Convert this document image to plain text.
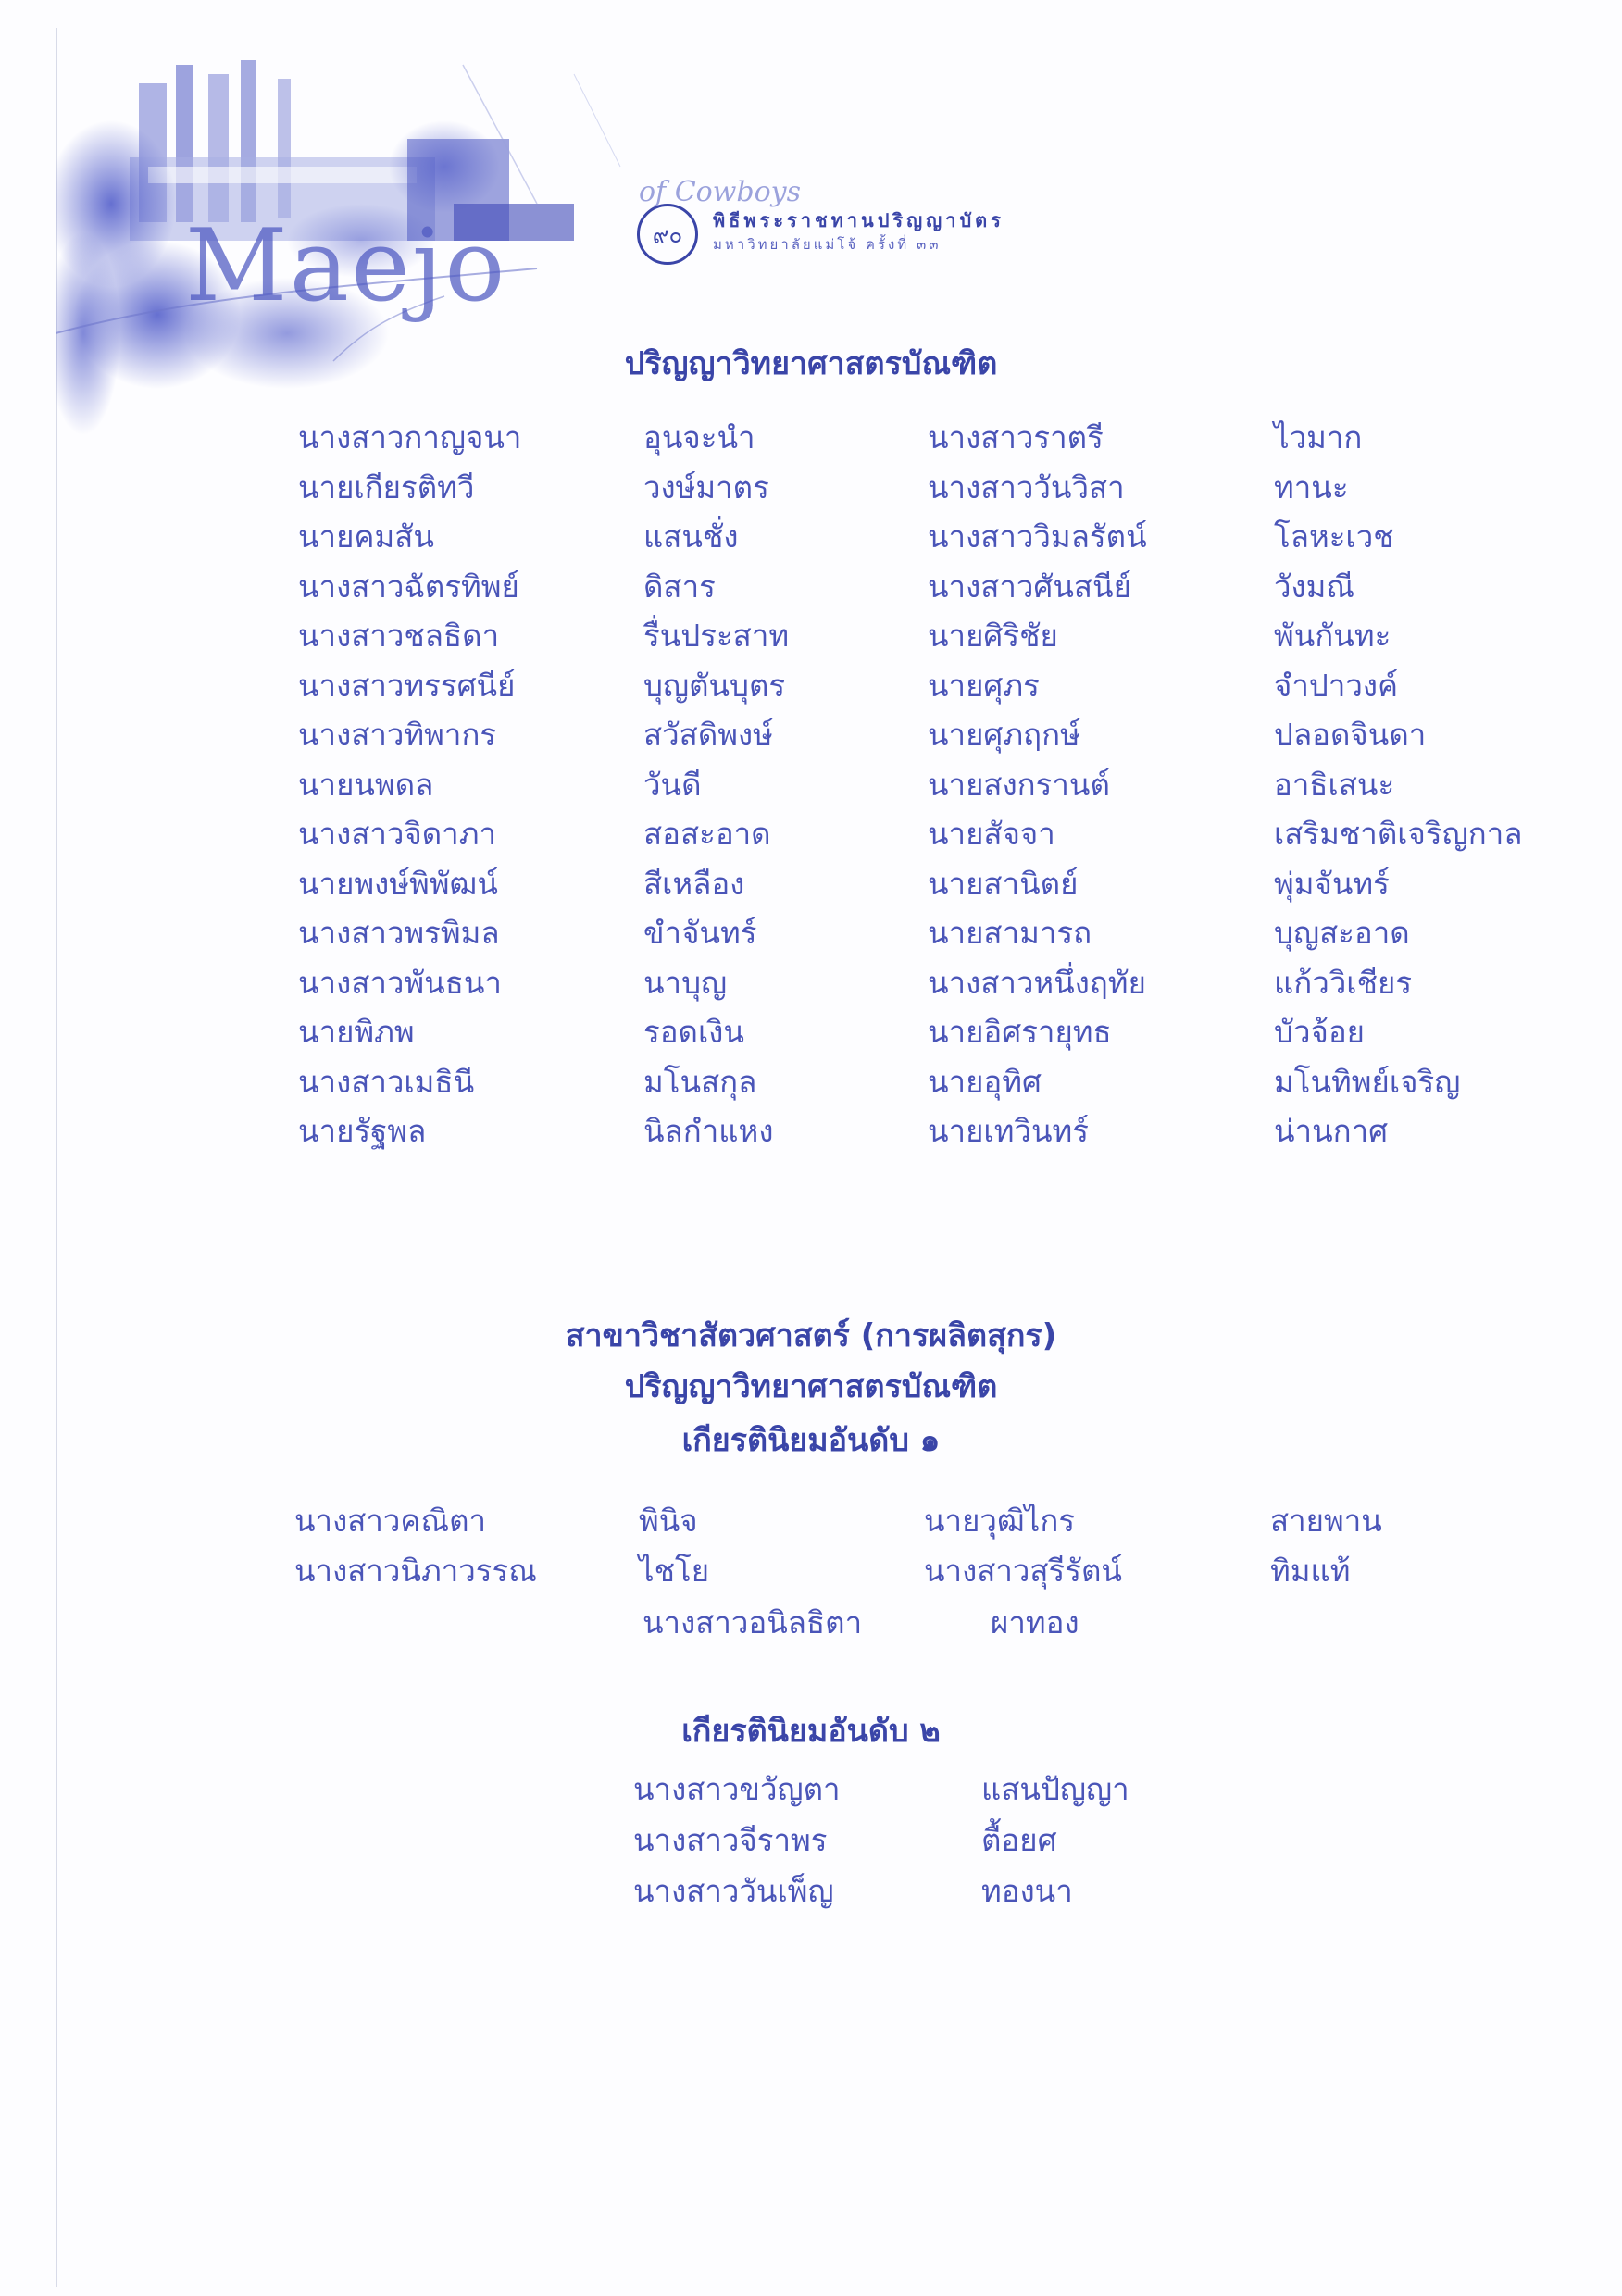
Maejo
of Cowboys
๙๐
พิธีพระราชทานปริญญาบัตร
มหาวิทยาลัยแม่โจ้ ครั้งที่ ๓๓
ปริญญาวิทยาศาสตรบัณฑิต
นางสาวกาญจนา	อุนจะนำ	นางสาวราตรี	ไวมาก
นายเกียรติทวี	วงษ์มาตร	นางสาววันวิสา	ทานะ
นายคมสัน	แสนชั่ง	นางสาววิมลรัตน์	โลหะเวช
นางสาวฉัตรทิพย์	ดิสาร	นางสาวศันสนีย์	วังมณี
นางสาวชลธิดา	รื่นประสาท	นายศิริชัย	พันกันทะ
นางสาวทรรศนีย์	บุญตันบุตร	นายศุภร	จำปาวงค์
นางสาวทิพากร	สวัสดิพงษ์	นายศุภฤกษ์	ปลอดจินดา
นายนพดล	วันดี	นายสงกรานต์	อาธิเสนะ
นางสาวจิดาภา	สอสะอาด	นายสัจจา	เสริมชาติเจริญกาล
นายพงษ์พิพัฒน์	สีเหลือง	นายสานิตย์	พุ่มจันทร์
นางสาวพรพิมล	ขำจันทร์	นายสามารถ	บุญสะอาด
นางสาวพันธนา	นาบุญ	นางสาวหนึ่งฤทัย	แก้ววิเชียร
นายพิภพ	รอดเงิน	นายอิศรายุทธ	บัวจ้อย
นางสาวเมธินี	มโนสกุล	นายอุทิศ	มโนทิพย์เจริญ
นายรัฐพล	นิลกำแหง	นายเทวินทร์	น่านกาศ
สาขาวิชาสัตวศาสตร์ (การผลิตสุกร)
ปริญญาวิทยาศาสตรบัณฑิต
เกียรตินิยมอันดับ ๑
นางสาวคณิตา	พินิจ	นายวุฒิไกร	สายพาน
นางสาวนิภาวรรณ	ไชโย	นางสาวสุรีรัตน์	ทิมแท้
นางสาวอนิลธิตา	ผาทอง
เกียรตินิยมอันดับ ๒
นางสาวขวัญตา	แสนปัญญา
นางสาวจีราพร	ตื้อยศ
นางสาววันเพ็ญ	ทองนา
